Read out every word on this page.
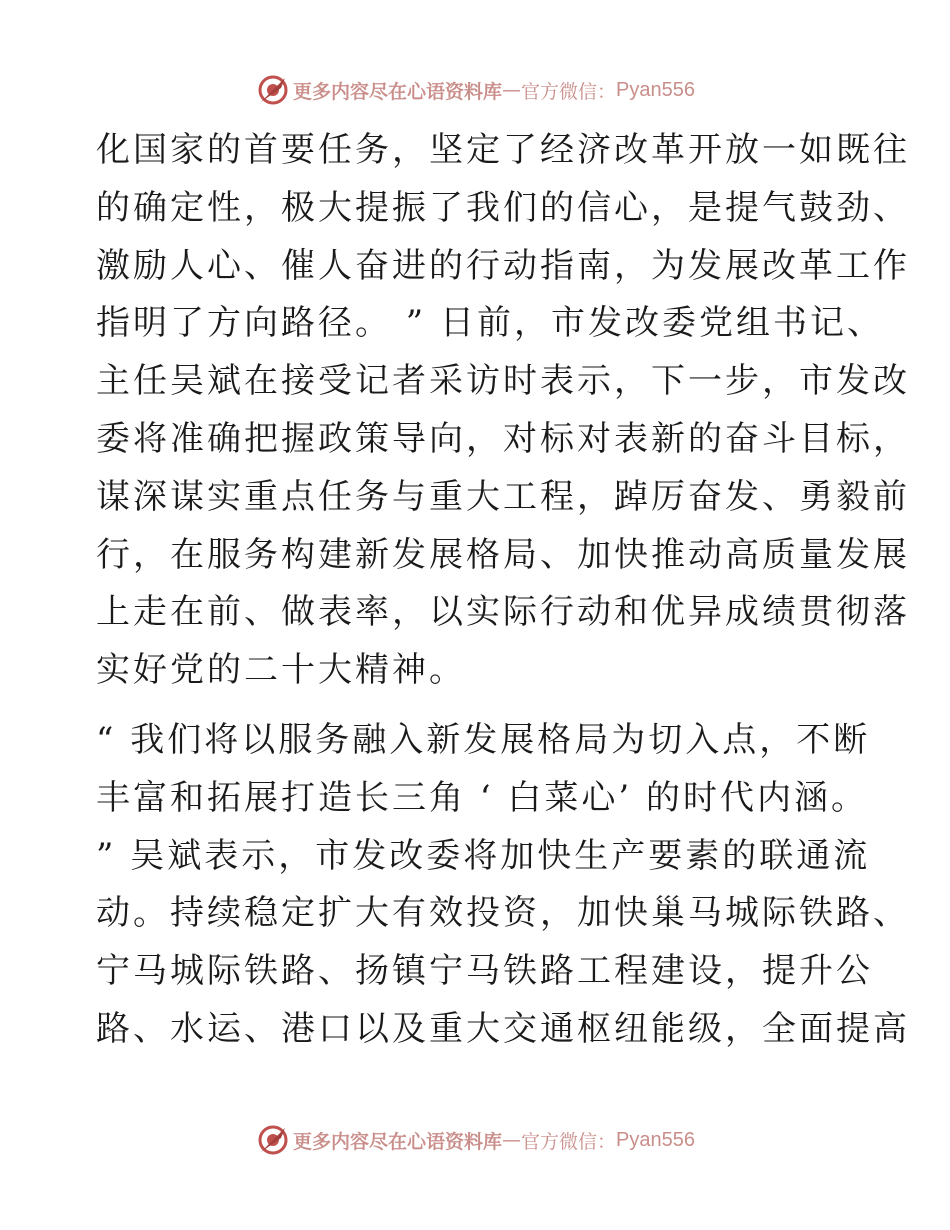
更多内容尽在心语资料库 — 官方微信： Pyan556
化国家的首要任务，坚定了经济改革开放一如既往
的确定性，极大提振了我们的信心，是提气鼓劲、
激励人心、催人奋进的行动指南，为发展改革工作
指明了方向路径。 ” 日前，市发改委党组书记、
主任吴斌在接受记者采访时表示，下一步，市发改
委将准确把握政策导向，对标对表新的奋斗目标，
谋深谋实重点任务与重大工程，踔厉奋发、勇毅前
行，在服务构建新发展格局、加快推动高质量发展
上走在前、做表率，以实际行动和优异成绩贯彻落
实好党的二十大精神。
“ 我们将以服务融入新发展格局为切入点，不断
丰富和拓展打造长三角 ‘ 白菜心’ 的时代内涵。
” 吴斌表示，市发改委将加快生产要素的联通流
动。持续稳定扩大有效投资，加快巢马城际铁路、
宁马城际铁路、扬镇宁马铁路工程建设，提升公
路、水运、港口以及重大交通枢纽能级，全面提高
更多内容尽在心语资料库 — 官方微信： Pyan556
